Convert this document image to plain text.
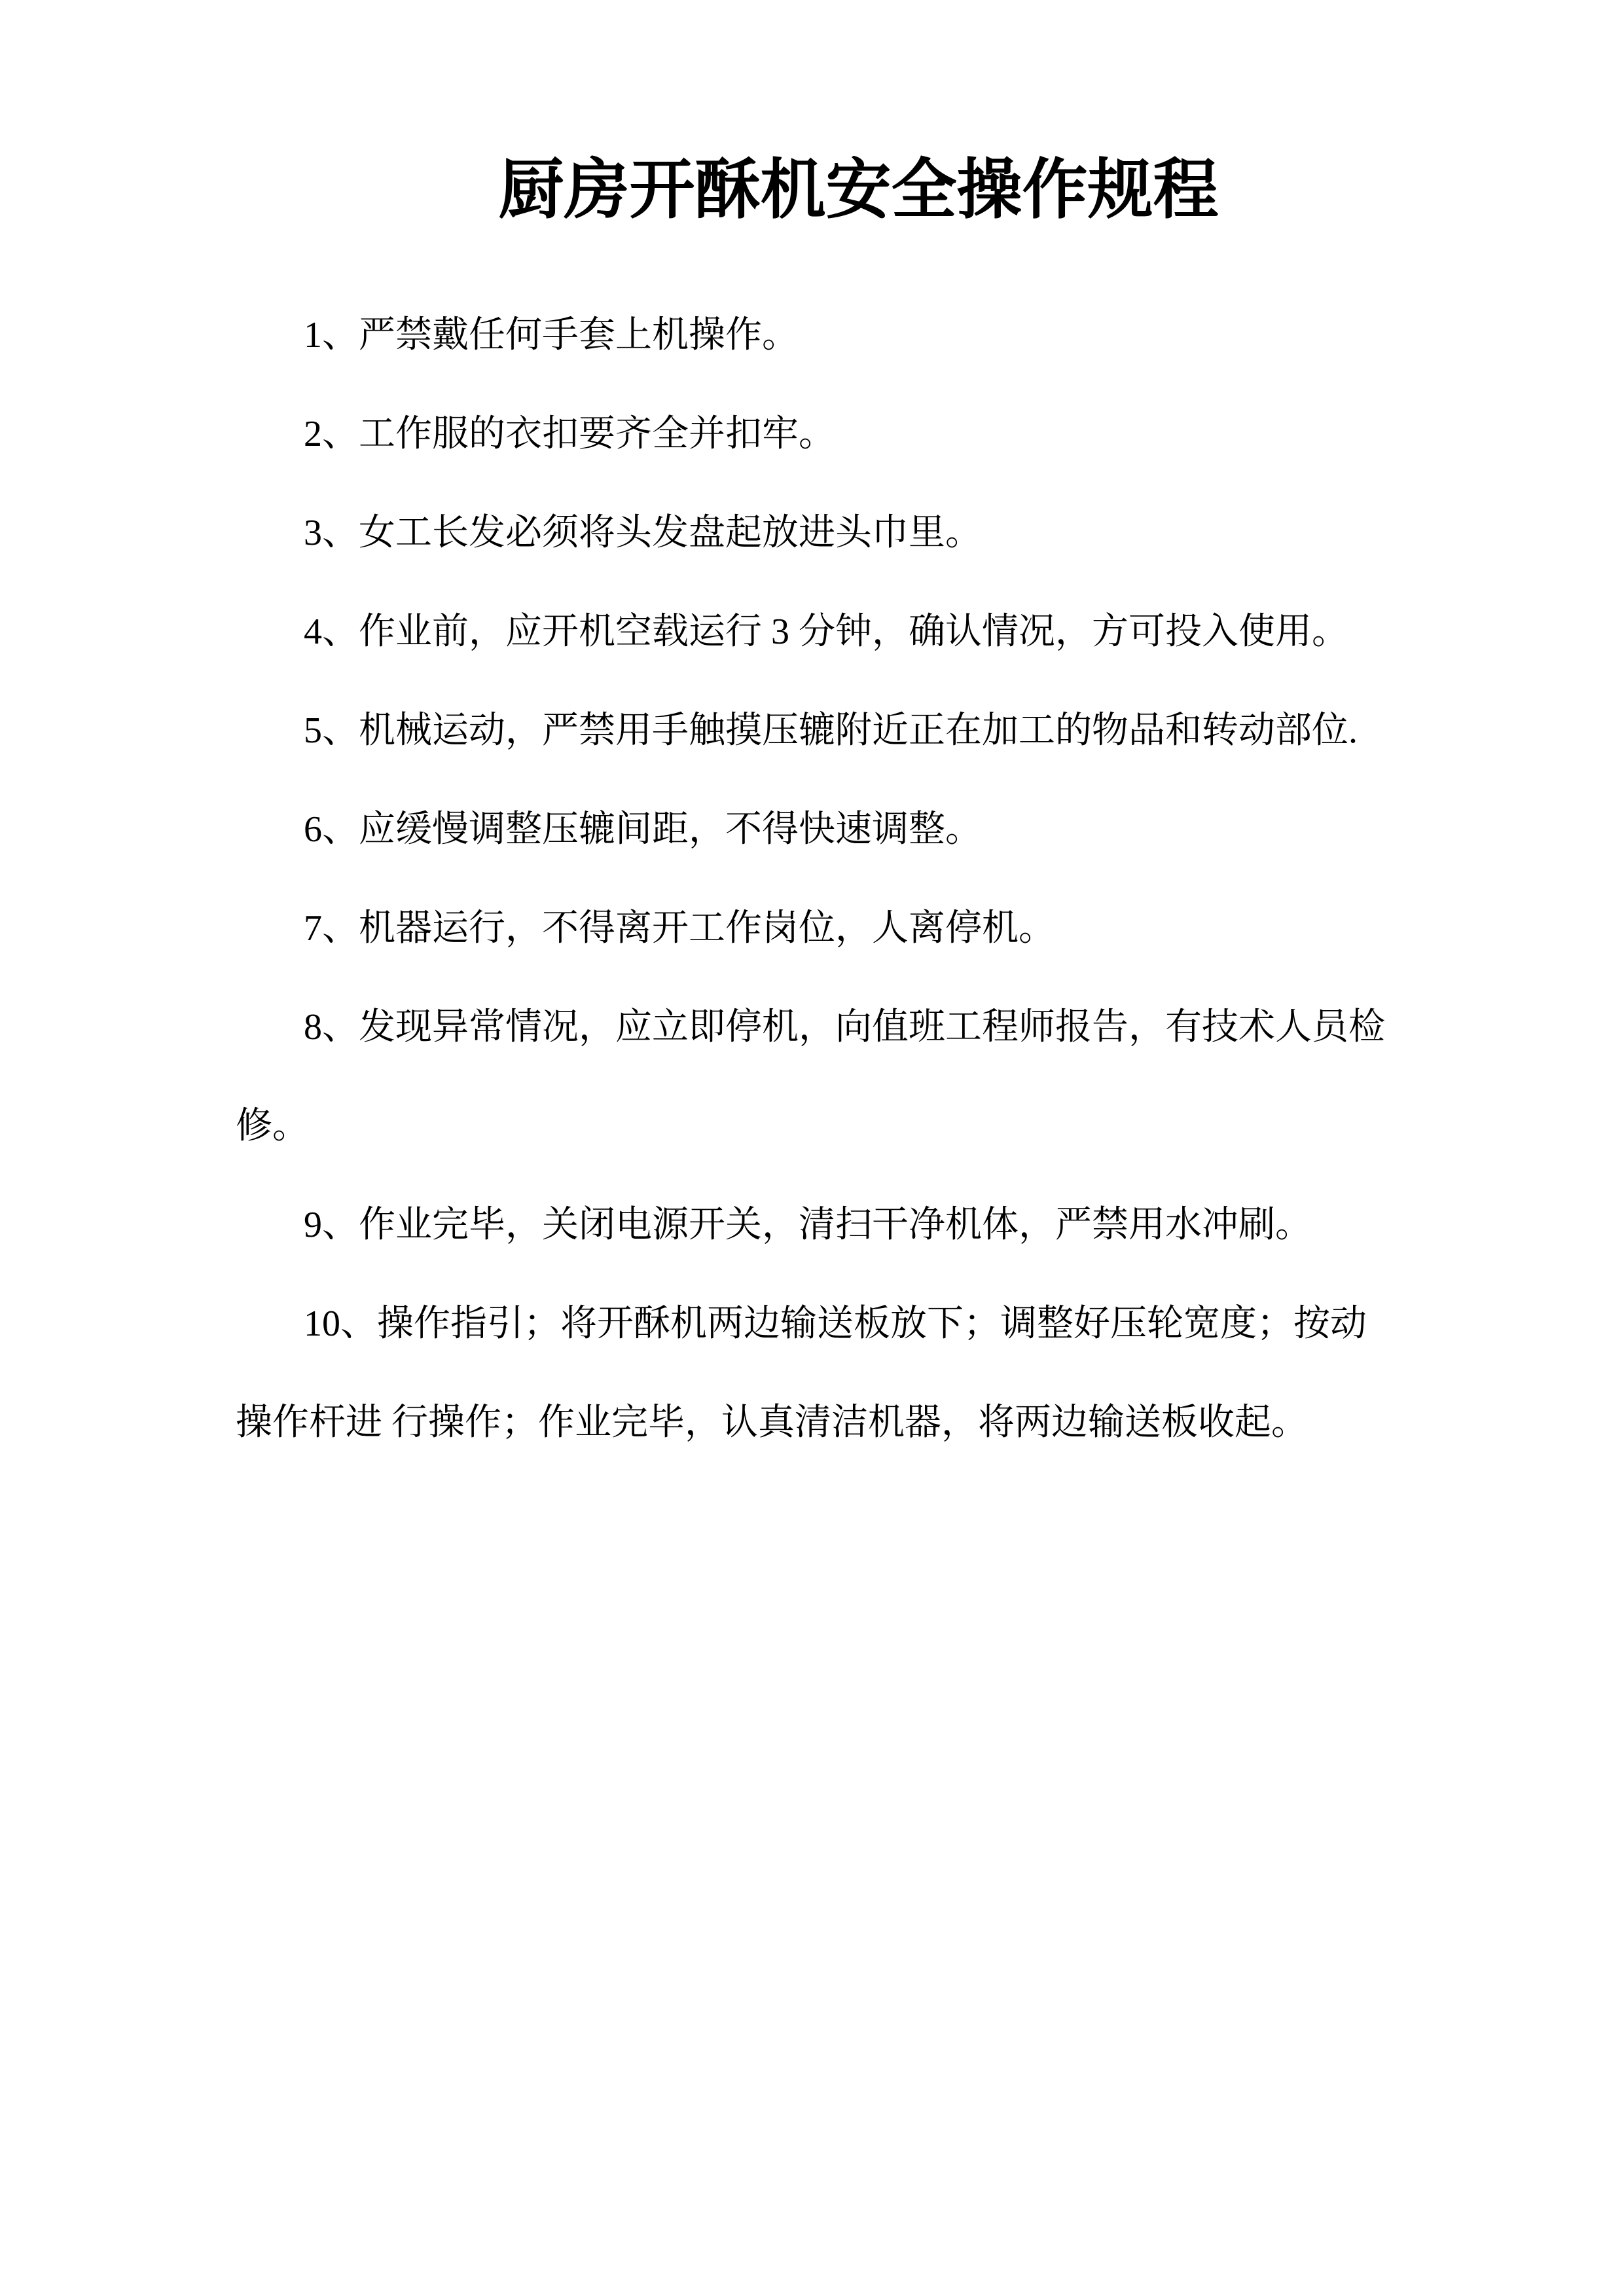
厨房开酥机安全操作规程
1、严禁戴任何手套上机操作。
2、工作服的衣扣要齐全并扣牢。
3、女工长发必须将头发盘起放进头巾里。
4、作业前，应开机空载运行 3 分钟，确认情况，方可投入使用。
5、机械运动，严禁用手触摸压辘附近正在加工的物品和转动部位.
6、应缓慢调整压辘间距，不得快速调整。
7、机器运行，不得离开工作岗位，人离停机。
8、发现异常情况，应立即停机，向值班工程师报告，有技术人员检
修。
9、作业完毕，关闭电源开关，清扫干净机体，严禁用水冲刷。
10、操作指引；将开酥机两边输送板放下；调整好压轮宽度；按动
操作杆进 行操作；作业完毕，认真清洁机器，将两边输送板收起。
